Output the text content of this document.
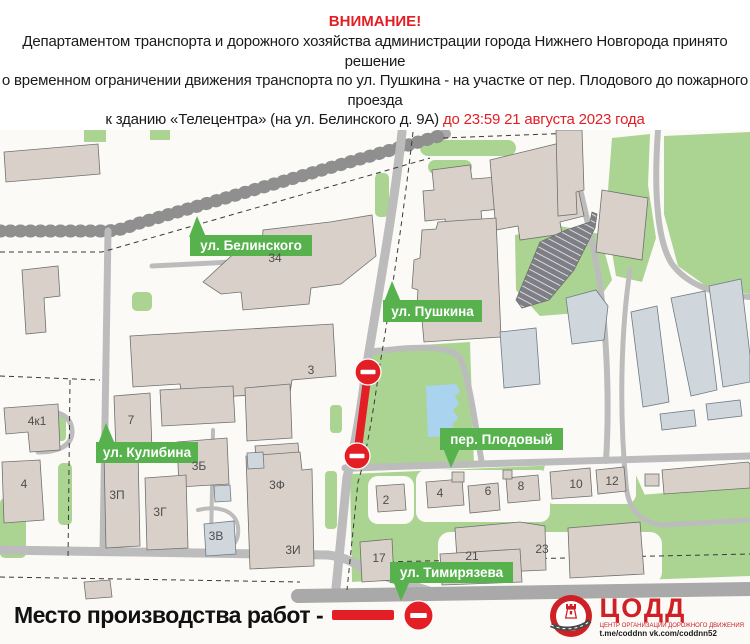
ВНИМАНИЕ!
Департаментом транспорта и дорожного хозяйства администрации города Нижнего Новгорода принято решение
о временном ограничении движения транспорта по ул. Пушкина - на участке от пер. Плодового до пожарного проезда
к зданию «Телецентра» (на ул. Белинского д. 9А) до 23:59 21 августа 2023 года
ул. Белинского
ул. Пушкина
ул. Кулибина
пер. Плодовый
ул. Тимирязева
34
3
4к1
4
7
3П
3Б
3Г
3В
3Ф
3И
2	4	6 8	10 12
23
17	21
Место производства работ -	ЦОДД
ЦЕНТР ОРГАНИЗАЦИИ ДОРОЖНОГО ДВИЖЕНИЯ
t.me/coddnn vk.com/coddnn52
